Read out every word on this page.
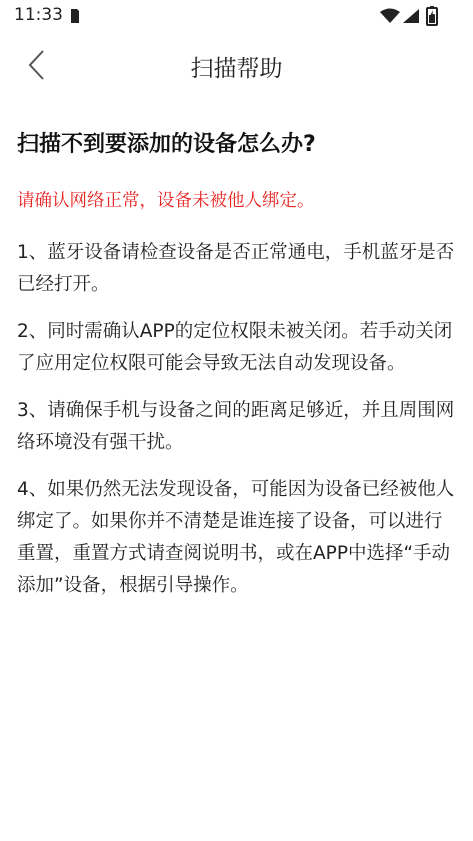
11:33
扫描帮助

扫描不到要添加的设备怎么办?

请确认网络正常，设备未被他人绑定。

1、蓝牙设备请检查设备是否正常通电，手机蓝牙是否已经打开。

2、同时需确认APP的定位权限未被关闭。若手动关闭了应用定位权限可能会导致无法自动发现设备。

3、请确保手机与设备之间的距离足够近，并且周围网络环境没有强干扰。

4、如果仍然无法发现设备，可能因为设备已经被他人绑定了。如果你并不清楚是谁连接了设备，可以进行重置，重置方式请查阅说明书，或在APP中选择“手动添加”设备，根据引导操作。
